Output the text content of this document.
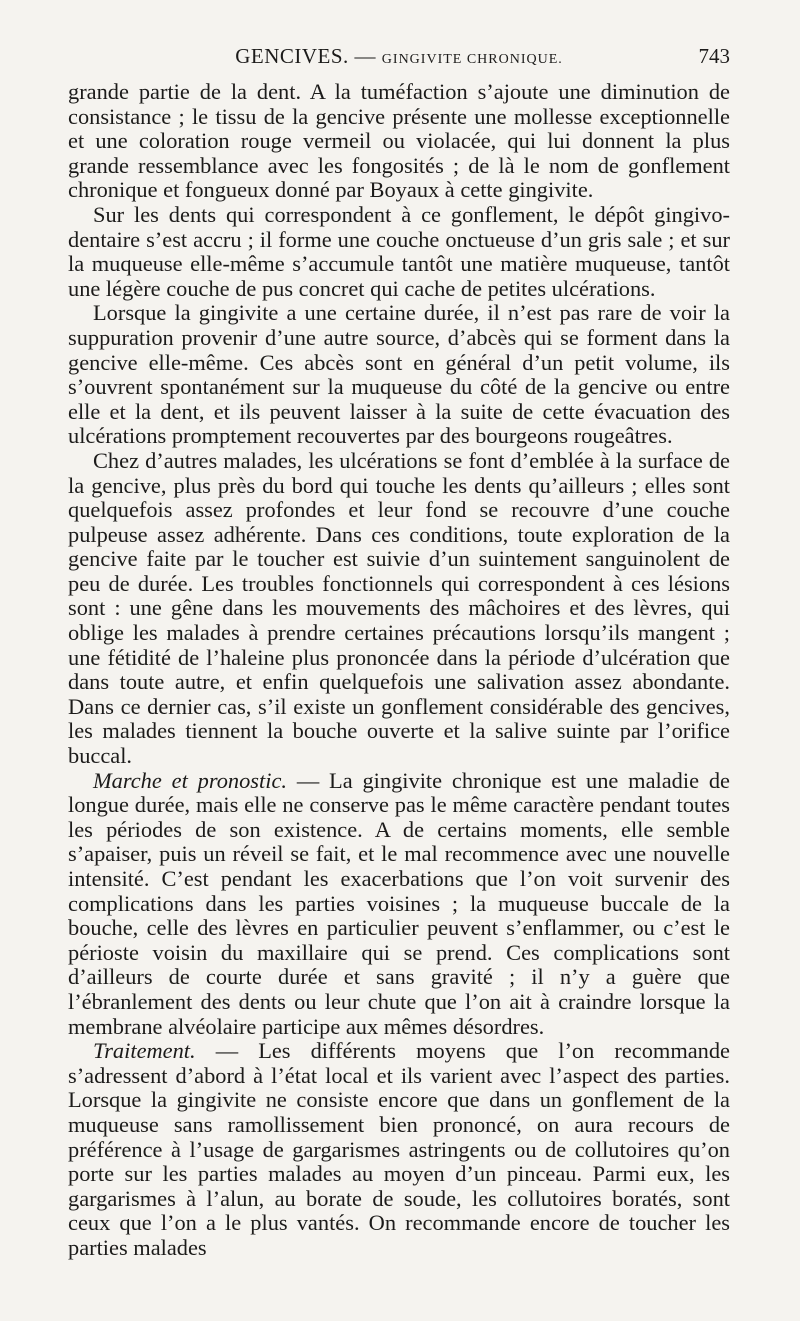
GENCIVES. — GINGIVITE CHRONIQUE.	743

grande partie de la dent. A la tuméfaction s’ajoute une diminution de consistance ; le tissu de la gencive présente une mollesse exceptionnelle et une coloration rouge vermeil ou violacée, qui lui donnent la plus grande ressemblance avec les fongosités ; de là le nom de gonflement chronique et fongueux donné par Boyaux à cette gingivite.

Sur les dents qui correspondent à ce gonflement, le dépôt gingivo-dentaire s’est accru ; il forme une couche onctueuse d’un gris sale ; et sur la muqueuse elle-même s’accumule tantôt une matière muqueuse, tantôt une légère couche de pus concret qui cache de petites ulcérations.

Lorsque la gingivite a une certaine durée, il n’est pas rare de voir la suppuration provenir d’une autre source, d’abcès qui se forment dans la gencive elle-même. Ces abcès sont en général d’un petit volume, ils s’ouvrent spontanément sur la muqueuse du côté de la gencive ou entre elle et la dent, et ils peuvent laisser à la suite de cette évacuation des ulcérations promptement recouvertes par des bourgeons rougeâtres.

Chez d’autres malades, les ulcérations se font d’emblée à la surface de la gencive, plus près du bord qui touche les dents qu’ailleurs ; elles sont quelquefois assez profondes et leur fond se recouvre d’une couche pulpeuse assez adhérente. Dans ces conditions, toute exploration de la gencive faite par le toucher est suivie d’un suintement sanguinolent de peu de durée. Les troubles fonctionnels qui correspondent à ces lésions sont : une gêne dans les mouvements des mâchoires et des lèvres, qui oblige les malades à prendre certaines précautions lorsqu’ils mangent ; une fétidité de l’haleine plus prononcée dans la période d’ulcération que dans toute autre, et enfin quelquefois une salivation assez abondante. Dans ce dernier cas, s’il existe un gonflement considérable des gencives, les malades tiennent la bouche ouverte et la salive suinte par l’orifice buccal.

Marche et pronostic. — La gingivite chronique est une maladie de longue durée, mais elle ne conserve pas le même caractère pendant toutes les périodes de son existence. A de certains moments, elle semble s’apaiser, puis un réveil se fait, et le mal recommence avec une nouvelle intensité. C’est pendant les exacerbations que l’on voit survenir des complications dans les parties voisines ; la muqueuse buccale de la bouche, celle des lèvres en particulier peuvent s’enflammer, ou c’est le périoste voisin du maxillaire qui se prend. Ces complications sont d’ailleurs de courte durée et sans gravité ; il n’y a guère que l’ébranlement des dents ou leur chute que l’on ait à craindre lorsque la membrane alvéolaire participe aux mêmes désordres.

Traitement. — Les différents moyens que l’on recommande s’adressent d’abord à l’état local et ils varient avec l’aspect des parties. Lorsque la gingivite ne consiste encore que dans un gonflement de la muqueuse sans ramollissement bien prononcé, on aura recours de préférence à l’usage de gargarismes astringents ou de collutoires qu’on porte sur les parties malades au moyen d’un pinceau. Parmi eux, les gargarismes à l’alun, au borate de soude, les collutoires boratés, sont ceux que l’on a le plus vantés. On recommande encore de toucher les parties malades
